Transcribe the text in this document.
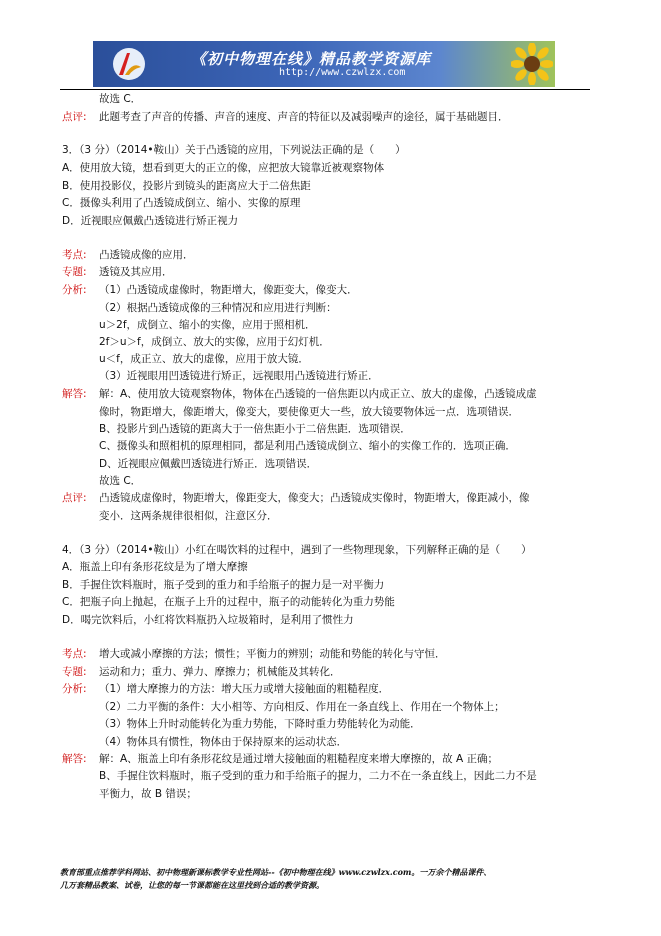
《初中物理在线》精品教学资源库
http://www.czwlzx.com
故选 C．
点评: 此题考查了声音的传播、声音的速度、声音的特征以及减弱噪声的途径，属于基础题目．
3．（3 分）（2014•鞍山）关于凸透镜的应用，下列说法正确的是（　　）
A．使用放大镜，想看到更大的正立的像，应把放大镜靠近被观察物体
B．使用投影仪，投影片到镜头的距离应大于二倍焦距
C．摄像头利用了凸透镜成倒立、缩小、实像的原理
D．近视眼应佩戴凸透镜进行矫正视力
考点: 凸透镜成像的应用．
专题: 透镜及其应用．
分析: （1）凸透镜成虚像时，物距增大，像距变大，像变大．
（2）根据凸透镜成像的三种情况和应用进行判断：
u＞2f，成倒立、缩小的实像，应用于照相机．
2f＞u＞f，成倒立、放大的实像，应用于幻灯机．
u＜f，成正立、放大的虚像，应用于放大镜．
（3）近视眼用凹透镜进行矫正，远视眼用凸透镜进行矫正．
解答: 解：A、使用放大镜观察物体，物体在凸透镜的一倍焦距以内成正立、放大的虚像，凸透镜成虚
像时，物距增大，像距增大，像变大，要使像更大一些，放大镜要物体远一点．选项错误．
B、投影片到凸透镜的距离大于一倍焦距小于二倍焦距．选项错误．
C、摄像头和照相机的原理相同，都是利用凸透镜成倒立、缩小的实像工作的．选项正确．
D、近视眼应佩戴凹透镜进行矫正．选项错误．
故选 C．
点评: 凸透镜成虚像时，物距增大，像距变大，像变大；凸透镜成实像时，物距增大，像距减小，像
变小．这两条规律很相似，注意区分．
4．（3 分）（2014•鞍山）小红在喝饮料的过程中，遇到了一些物理现象，下列解释正确的是（　　）
A．瓶盖上印有条形花纹是为了增大摩擦
B．手握住饮料瓶时，瓶子受到的重力和手给瓶子的握力是一对平衡力
C．把瓶子向上抛起，在瓶子上升的过程中，瓶子的动能转化为重力势能
D．喝完饮料后，小红将饮料瓶扔入垃圾箱时，是利用了惯性力
考点: 增大或减小摩擦的方法；惯性；平衡力的辨别；动能和势能的转化与守恒．
专题: 运动和力；重力、弹力、摩擦力；机械能及其转化．
分析: （1）增大摩擦力的方法：增大压力或增大接触面的粗糙程度．
（2）二力平衡的条件：大小相等、方向相反、作用在一条直线上、作用在一个物体上；
（3）物体上升时动能转化为重力势能，下降时重力势能转化为动能．
（4）物体具有惯性，物体由于保持原来的运动状态．
解答: 解：A、瓶盖上印有条形花纹是通过增大接触面的粗糙程度来增大摩擦的，故 A 正确；
B、手握住饮料瓶时，瓶子受到的重力和手给瓶子的握力，二力不在一条直线上，因此二力不是
平衡力，故 B 错误；
教育部重点推荐学科网站、初中物理新课标教学专业性网站--《初中物理在线》www.czwlzx.com。一万余个精品课件、
几万套精品教案、试卷，让您的每一节课都能在这里找到合适的教学资源。
